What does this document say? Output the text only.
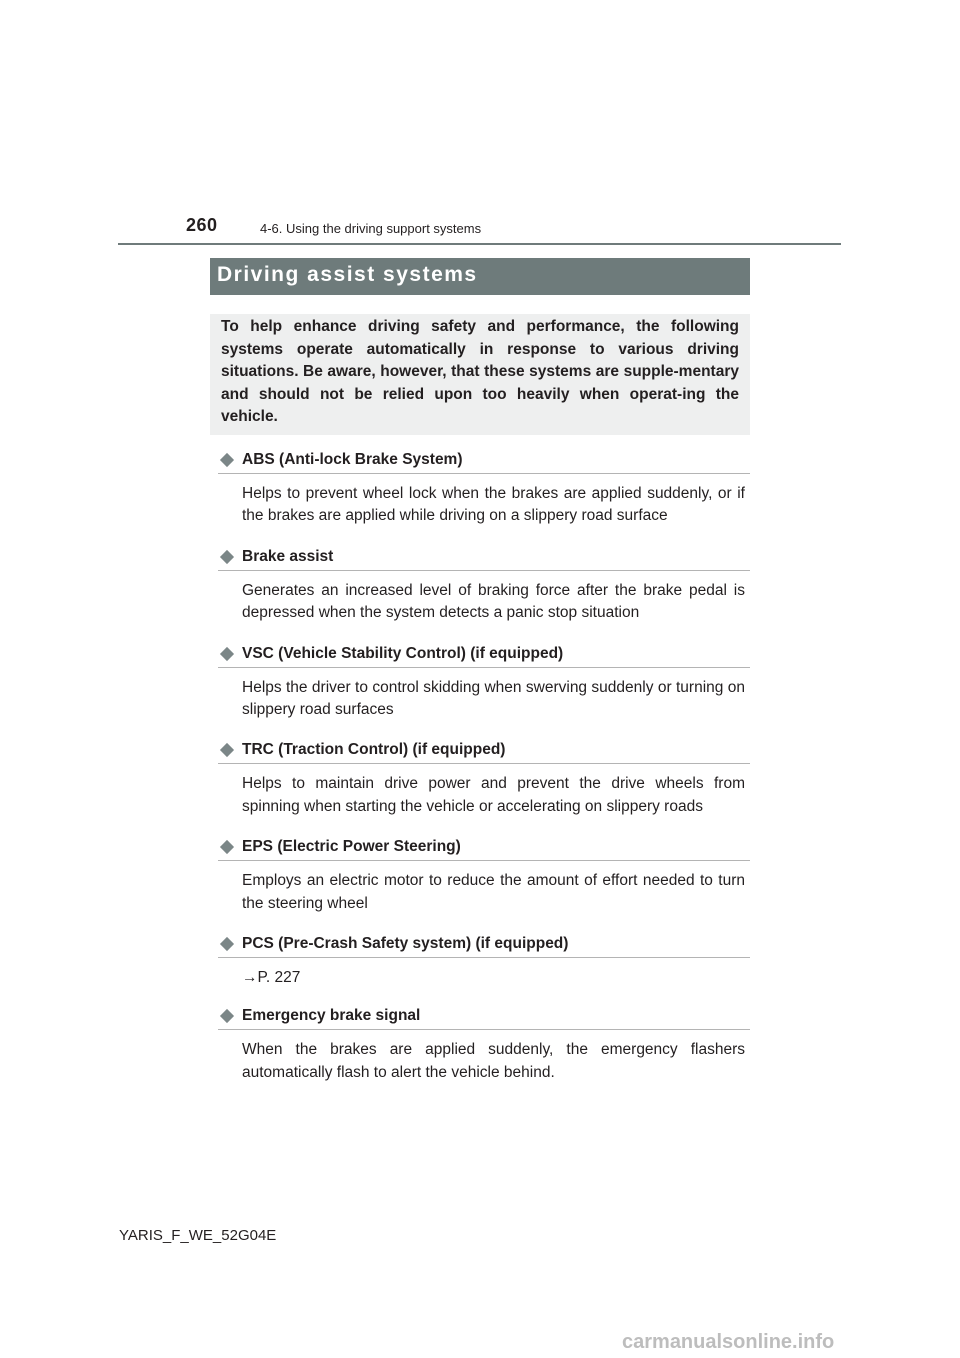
260	4-6. Using the driving support systems
Driving assist systems

To help enhance driving safety and performance, the following systems operate automatically in response to various driving situations. Be aware, however, that these systems are supple-mentary and should not be relied upon too heavily when operat-ing the vehicle.

ABS (Anti-lock Brake System)
Helps to prevent wheel lock when the brakes are applied suddenly, or if the brakes are applied while driving on a slippery road surface
Brake assist
Generates an increased level of braking force after the brake pedal is depressed when the system detects a panic stop situation
VSC (Vehicle Stability Control) (if equipped)
Helps the driver to control skidding when swerving suddenly or turning on slippery road surfaces
TRC (Traction Control) (if equipped)
Helps to maintain drive power and prevent the drive wheels from spinning when starting the vehicle or accelerating on slippery roads
EPS (Electric Power Steering)
Employs an electric motor to reduce the amount of effort needed to turn the steering wheel
PCS (Pre-Crash Safety system) (if equipped)
→P. 227
Emergency brake signal
When the brakes are applied suddenly, the emergency flashers automatically flash to alert the vehicle behind.
YARIS_F_WE_52G04E
carmanualsonline.info
